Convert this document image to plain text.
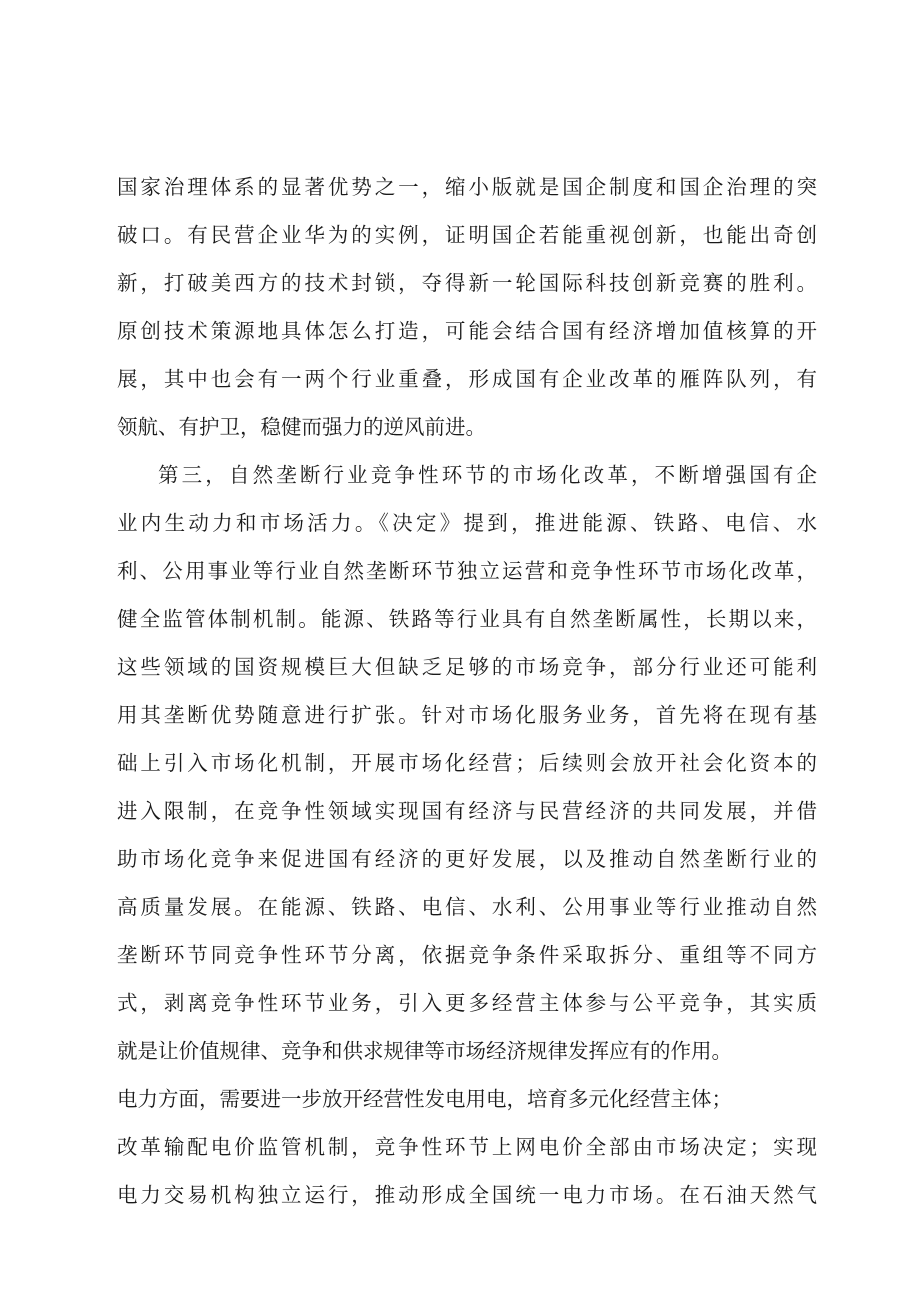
国家治理体系的显著优势之一，缩小版就是国企制度和国企治理的突
破口。有民营企业华为的实例，证明国企若能重视创新，也能出奇创
新，打破美西方的技术封锁，夺得新一轮国际科技创新竞赛的胜利。
原创技术策源地具体怎么打造，可能会结合国有经济增加值核算的开
展，其中也会有一两个行业重叠，形成国有企业改革的雁阵队列，有
领航、有护卫，稳健而强力的逆风前进。
第三，自然垄断行业竞争性环节的市场化改革，不断增强国有企
业内生动力和市场活力。《决定》提到，推进能源、铁路、电信、水
利、公用事业等行业自然垄断环节独立运营和竞争性环节市场化改革，
健全监管体制机制。能源、铁路等行业具有自然垄断属性，长期以来，
这些领域的国资规模巨大但缺乏足够的市场竞争，部分行业还可能利
用其垄断优势随意进行扩张。针对市场化服务业务，首先将在现有基
础上引入市场化机制，开展市场化经营；后续则会放开社会化资本的
进入限制，在竞争性领域实现国有经济与民营经济的共同发展，并借
助市场化竞争来促进国有经济的更好发展，以及推动自然垄断行业的
高质量发展。在能源、铁路、电信、水利、公用事业等行业推动自然
垄断环节同竞争性环节分离，依据竞争条件采取拆分、重组等不同方
式，剥离竞争性环节业务，引入更多经营主体参与公平竞争，其实质
就是让价值规律、竞争和供求规律等市场经济规律发挥应有的作用。
电力方面，需要进一步放开经营性发电用电，培育多元化经营主体；
改革输配电价监管机制，竞争性环节上网电价全部由市场决定；实现
电力交易机构独立运行，推动形成全国统一电力市场。在石油天然气
